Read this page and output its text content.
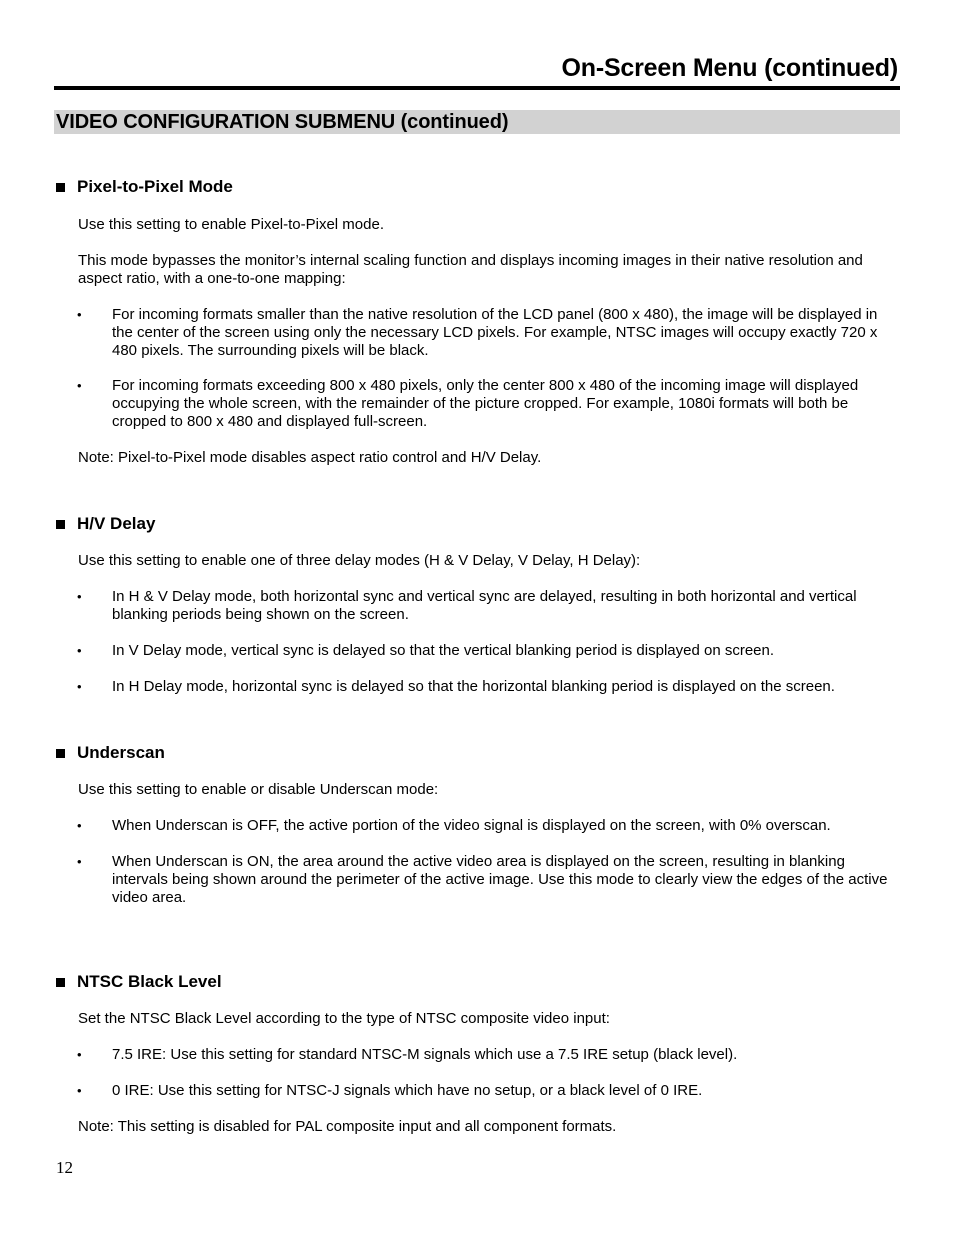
On-Screen Menu (continued)
VIDEO CONFIGURATION SUBMENU (continued)
Pixel-to-Pixel Mode
Use this setting to enable Pixel-to-Pixel mode.
This mode bypasses the monitor’s internal scaling function and displays incoming images in their native resolution and aspect ratio, with a one-to-one mapping:
• For incoming formats smaller than the native resolution of the LCD panel (800 x 480), the image will be displayed in the center of the screen using only the necessary LCD pixels. For example, NTSC images will occupy exactly 720 x 480 pixels. The surrounding pixels will be black.
• For incoming formats exceeding 800 x 480 pixels, only the center 800 x 480 of the incoming image will displayed occupying the whole screen, with the remainder of the picture cropped. For example, 1080i formats will both be cropped to 800 x 480 and displayed full-screen.
Note: Pixel-to-Pixel mode disables aspect ratio control and H/V Delay.
H/V Delay
Use this setting to enable one of three delay modes (H & V Delay, V Delay, H Delay):
• In H & V Delay mode, both horizontal sync and vertical sync are delayed, resulting in both horizontal and vertical blanking periods being shown on the screen.
• In V Delay mode, vertical sync is delayed so that the vertical blanking period is displayed on screen.
• In H Delay mode, horizontal sync is delayed so that the horizontal blanking period is displayed on the screen.
Underscan
Use this setting to enable or disable Underscan mode:
• When Underscan is OFF, the active portion of the video signal is displayed on the screen, with 0% overscan.
• When Underscan is ON, the area around the active video area is displayed on the screen, resulting in blanking intervals being shown around the perimeter of the active image. Use this mode to clearly view the edges of the active video area.
NTSC Black Level
Set the NTSC Black Level according to the type of NTSC composite video input:
• 7.5 IRE: Use this setting for standard NTSC-M signals which use a 7.5 IRE setup (black level).
• 0 IRE: Use this setting for NTSC-J signals which have no setup, or a black level of 0 IRE.
Note: This setting is disabled for PAL composite input and all component formats.
12
